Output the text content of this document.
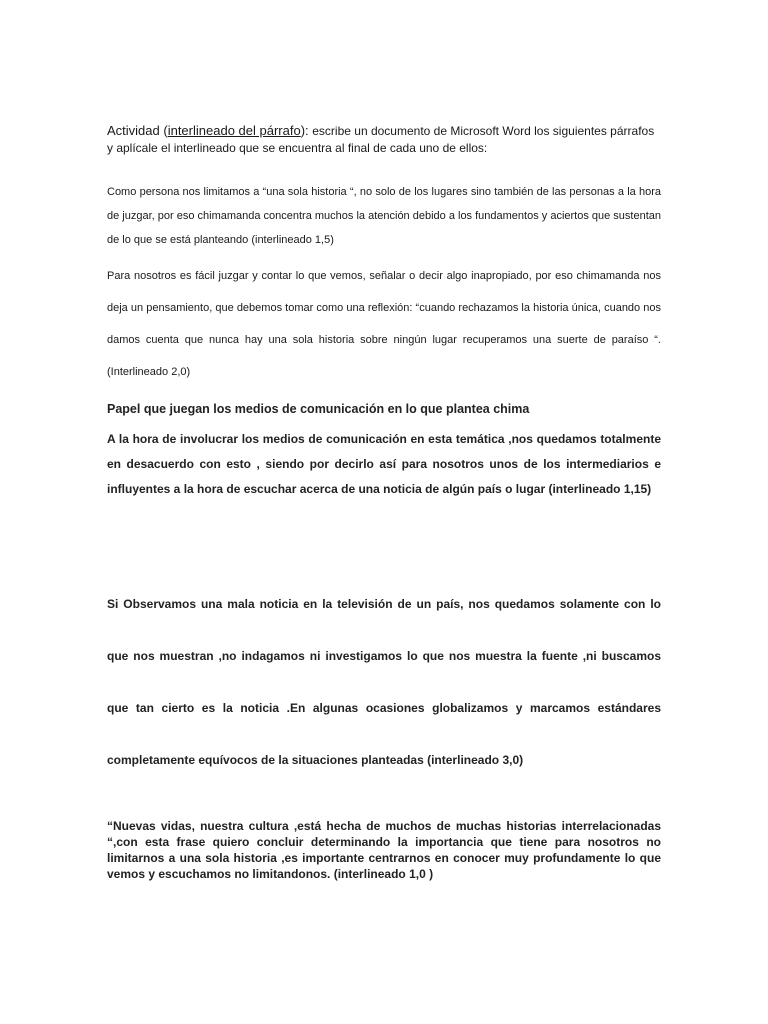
Actividad (interlineado del párrafo): escribe un documento de Microsoft Word los siguientes párrafos y aplícale el interlineado que se encuentra al final de cada uno de ellos:

Como persona nos limitamos a “una sola historia “, no solo de los lugares sino también de las personas a la hora de juzgar, por eso chimamanda concentra muchos la atención debido a los fundamentos y aciertos que sustentan de lo que se está planteando (interlineado 1,5)

Para nosotros es fácil juzgar y contar lo que vemos, señalar o decir algo inapropiado, por eso chimamanda nos deja un pensamiento, que debemos tomar como una reflexión: “cuando rechazamos la historia única, cuando nos damos cuenta que nunca hay una sola historia sobre ningún lugar recuperamos una suerte de paraíso “. (Interlineado 2,0)

Papel que juegan los medios de comunicación en lo que plantea chima

A la hora de involucrar los medios de comunicación en esta temática ,nos quedamos totalmente en desacuerdo con esto , siendo por decirlo así para nosotros unos de los intermediarios e influyentes a la hora de escuchar acerca de una noticia de algún país o lugar (interlineado 1,15)

Si Observamos una mala noticia en la televisión de un país, nos quedamos solamente con lo que nos muestran ,no indagamos ni investigamos lo que nos muestra la fuente ,ni buscamos que tan cierto es la noticia .En algunas ocasiones globalizamos y marcamos estándares completamente equívocos de la situaciones planteadas (interlineado 3,0)

“Nuevas vidas, nuestra cultura ,está hecha de muchos de muchas historias interrelacionadas “,con esta frase quiero concluir determinando la importancia que tiene para nosotros no limitarnos a una sola historia ,es importante centrarnos en conocer muy profundamente lo que vemos y escuchamos no limitandonos. (interlineado 1,0 )
